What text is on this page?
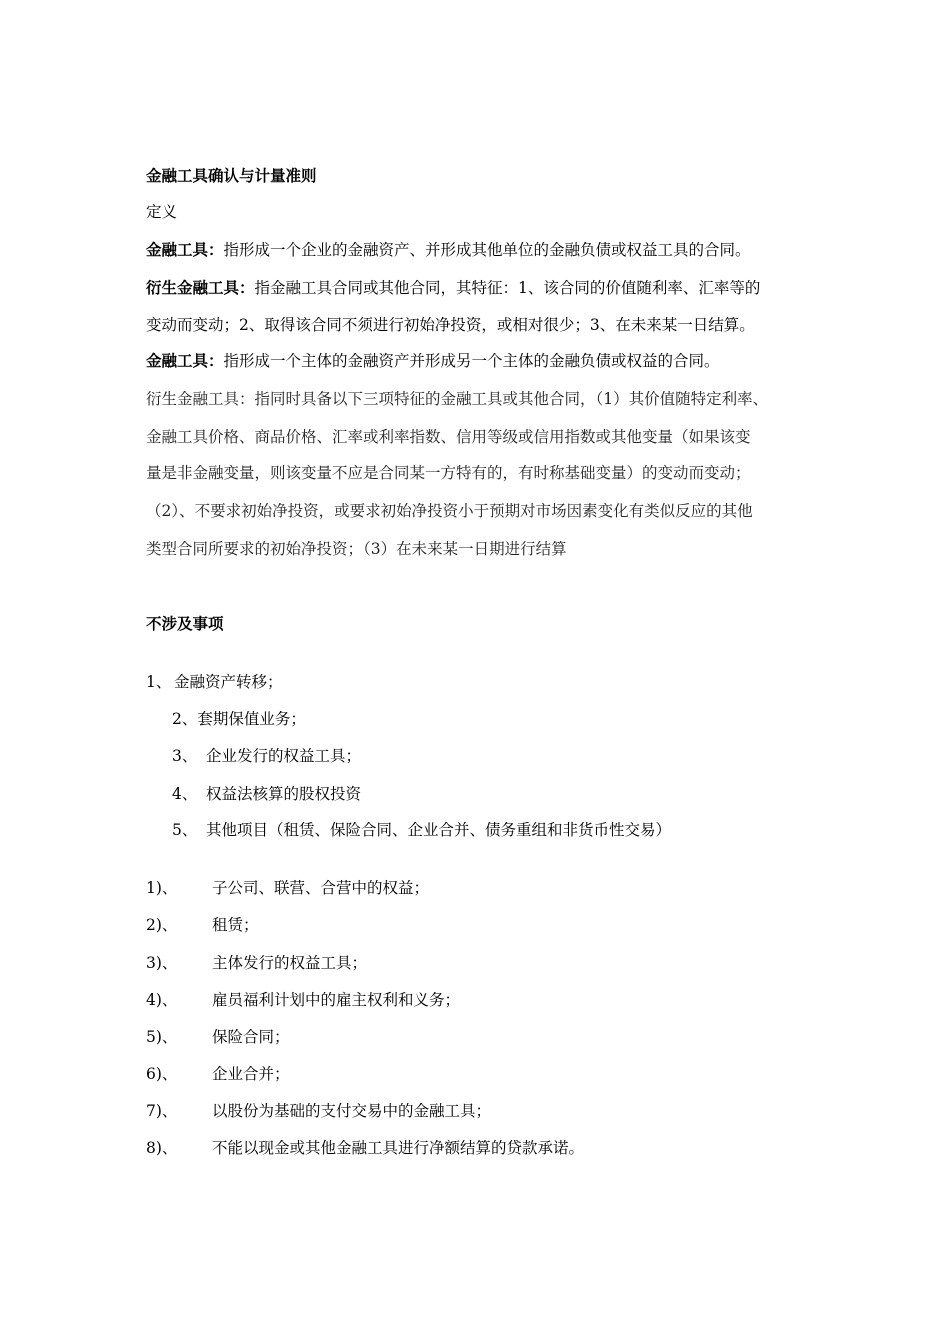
金融工具确认与计量准则
定义
金融工具：指形成一个企业的金融资产、并形成其他单位的金融负债或权益工具的合同。
衍生金融工具：指金融工具合同或其他合同，其特征：1、该合同的价值随利率、汇率等的
变动而变动；2、取得该合同不须进行初始净投资，或相对很少；3、在未来某一日结算。
金融工具：指形成一个主体的金融资产并形成另一个主体的金融负债或权益的合同。
衍生金融工具：指同时具备以下三项特征的金融工具或其他合同，（1）其价值随特定利率、
金融工具价格、商品价格、汇率或利率指数、信用等级或信用指数或其他变量（如果该变
量是非金融变量，则该变量不应是合同某一方特有的，有时称基础变量）的变动而变动；
（2）、不要求初始净投资，或要求初始净投资小于预期对市场因素变化有类似反应的其他
类型合同所要求的初始净投资；（3）在未来某一日期进行结算
不涉及事项
1、 金融资产转移；
2、套期保值业务；
3、 企业发行的权益工具；
4、 权益法核算的股权投资
5、 其他项目（租赁、保险合同、企业合并、债务重组和非货币性交易）
1)、 子公司、联营、合营中的权益；
2)、 租赁；
3)、 主体发行的权益工具；
4)、 雇员福利计划中的雇主权利和义务；
5)、 保险合同；
6)、 企业合并；
7)、 以股份为基础的支付交易中的金融工具；
8)、 不能以现金或其他金融工具进行净额结算的贷款承诺。
